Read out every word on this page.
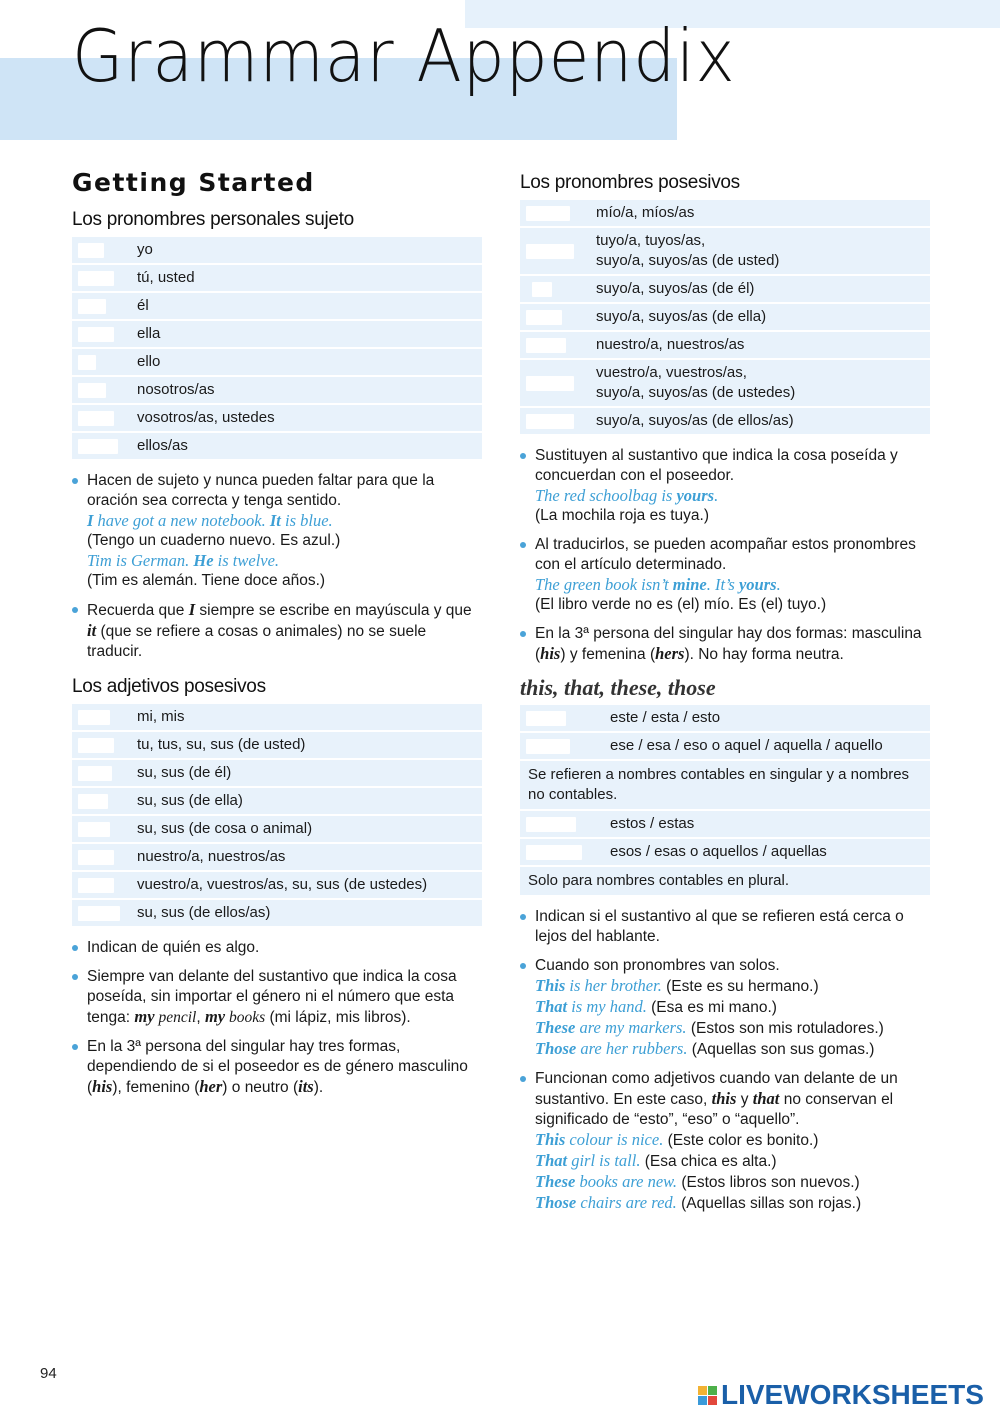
Grammar Appendix
Getting Started
Los pronombres personales sujeto
	yo
	tú, usted
	él
	ella
	ello
	nosotros/as
	vosotros/as, ustedes
	ellos/as
Hacen de sujeto y nunca pueden faltar para que la oración sea correcta y tenga sentido.
I have got a new notebook. It is blue.
(Tengo un cuaderno nuevo. Es azul.)
Tim is German. He is twelve.
(Tim es alemán. Tiene doce años.)
Recuerda que I siempre se escribe en mayúscula y que it (que se refiere a cosas o animales) no se suele traducir.
Los adjetivos posesivos
	mi, mis
	tu, tus, su, sus (de usted)
	su, sus (de él)
	su, sus (de ella)
	su, sus (de cosa o animal)
	nuestro/a, nuestros/as
	vuestro/a, vuestros/as, su, sus (de ustedes)
	su, sus (de ellos/as)
Indican de quién es algo.
Siempre van delante del sustantivo que indica la cosa poseída, sin importar el género ni el número que esta tenga: my pencil, my books (mi lápiz, mis libros).
En la 3ª persona del singular hay tres formas, dependiendo de si el poseedor es de género masculino (his), femenino (her) o neutro (its).
Los pronombres posesivos
	mío/a, míos/as

	tuyo/a, tuyos/as,
suyo/a, suyos/as (de usted)

	suyo/a, suyos/as (de él)
	suyo/a, suyos/as (de ella)
	nuestro/a, nuestros/as

	vuestro/a, vuestros/as,
suyo/a, suyos/as (de ustedes)

	suyo/a, suyos/as (de ellos/as)
Sustituyen al sustantivo que indica la cosa poseída y concuerdan con el poseedor.
The red schoolbag is yours.
(La mochila roja es tuya.)
Al traducirlos, se pueden acompañar estos pronombres con el artículo determinado.
The green book isn’t mine. It’s yours.
(El libro verde no es (el) mío. Es (el) tuyo.)
En la 3ª persona del singular hay dos formas: masculina (his) y femenina (hers). No hay forma neutra.
this, that, these, those
	este / esta / esto
	ese / esa / eso o aquel / aquella / aquello
Se refieren a nombres contables en singular y a nombres no contables.	
	estos / estas
	esos / esas o aquellos / aquellas
Solo para nombres contables en plural.	
Indican si el sustantivo al que se refieren está cerca o lejos del hablante.
Cuando son pronombres van solos.
This is her brother. (Este es su hermano.)
That is my hand. (Esa es mi mano.)
These are my markers. (Estos son mis rotuladores.)
Those are her rubbers. (Aquellas son sus gomas.)
Funcionan como adjetivos cuando van delante de un sustantivo. En este caso, this y that no conservan el significado de “esto”, “eso” o “aquello”.
This colour is nice. (Este color es bonito.)
That girl is tall. (Esa chica es alta.)
These books are new. (Estos libros son nuevos.)
Those chairs are red. (Aquellas sillas son rojas.)
94
LIVEWORKSHEETS
